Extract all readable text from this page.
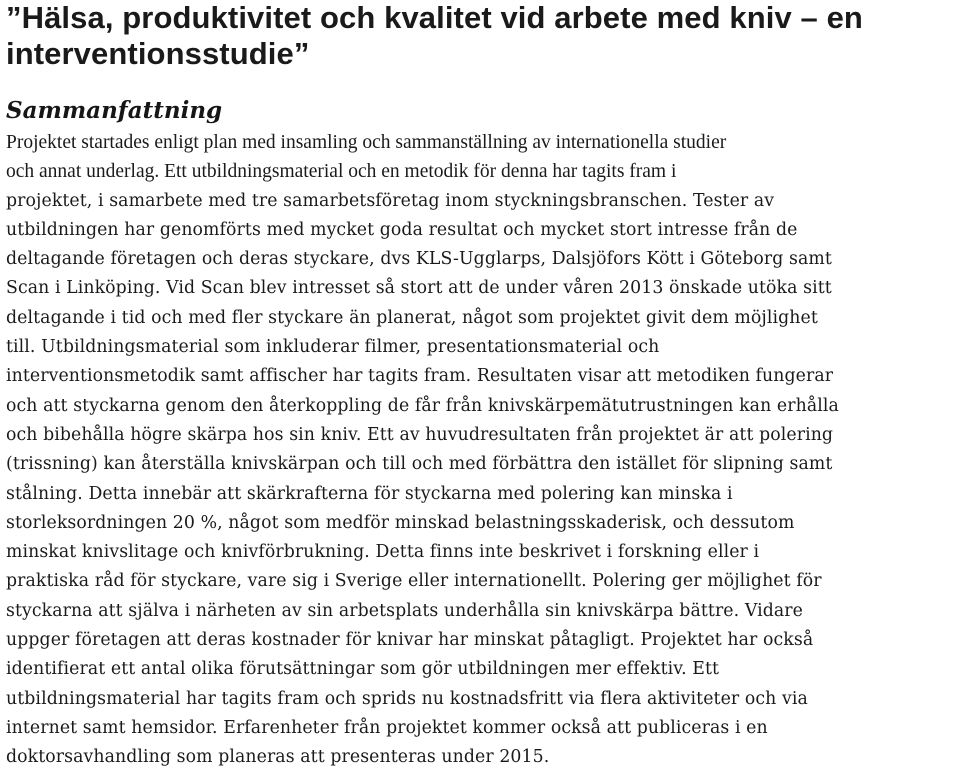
”Hälsa, produktivitet och kvalitet vid arbete med kniv – en
interventionsstudie”
Sammanfattning
Projektet startades enligt plan med insamling och sammanställning av internationella studier
och annat underlag. Ett utbildningsmaterial och en metodik för denna har tagits fram i
projektet, i samarbete med tre samarbetsföretag inom styckningsbranschen. Tester av
utbildningen har genomförts med mycket goda resultat och mycket stort intresse från de
deltagande företagen och deras styckare, dvs KLS-Ugglarps, Dalsjöfors Kött i Göteborg samt
Scan i Linköping. Vid Scan blev intresset så stort att de under våren 2013 önskade utöka sitt
deltagande i tid och med fler styckare än planerat, något som projektet givit dem möjlighet
till. Utbildningsmaterial som inkluderar filmer, presentationsmaterial och
interventionsmetodik samt affischer har tagits fram. Resultaten visar att metodiken fungerar
och att styckarna genom den återkoppling de får från knivskärpemätutrustningen kan erhålla
och bibehålla högre skärpa hos sin kniv. Ett av huvudresultaten från projektet är att polering
(trissning) kan återställa knivskärpan och till och med förbättra den istället för slipning samt
stålning. Detta innebär att skärkrafterna för styckarna med polering kan minska i
storleksordningen 20 %, något som medför minskad belastningsskaderisk, och dessutom
minskat knivslitage och knivförbrukning. Detta finns inte beskrivet i forskning eller i
praktiska råd för styckare, vare sig i Sverige eller internationellt. Polering ger möjlighet för
styckarna att själva i närheten av sin arbetsplats underhålla sin knivskärpa bättre. Vidare
uppger företagen att deras kostnader för knivar har minskat påtagligt. Projektet har också
identifierat ett antal olika förutsättningar som gör utbildningen mer effektiv. Ett
utbildningsmaterial har tagits fram och sprids nu kostnadsfritt via flera aktiviteter och via
internet samt hemsidor. Erfarenheter från projektet kommer också att publiceras i en
doktorsavhandling som planeras att presenteras under 2015.
